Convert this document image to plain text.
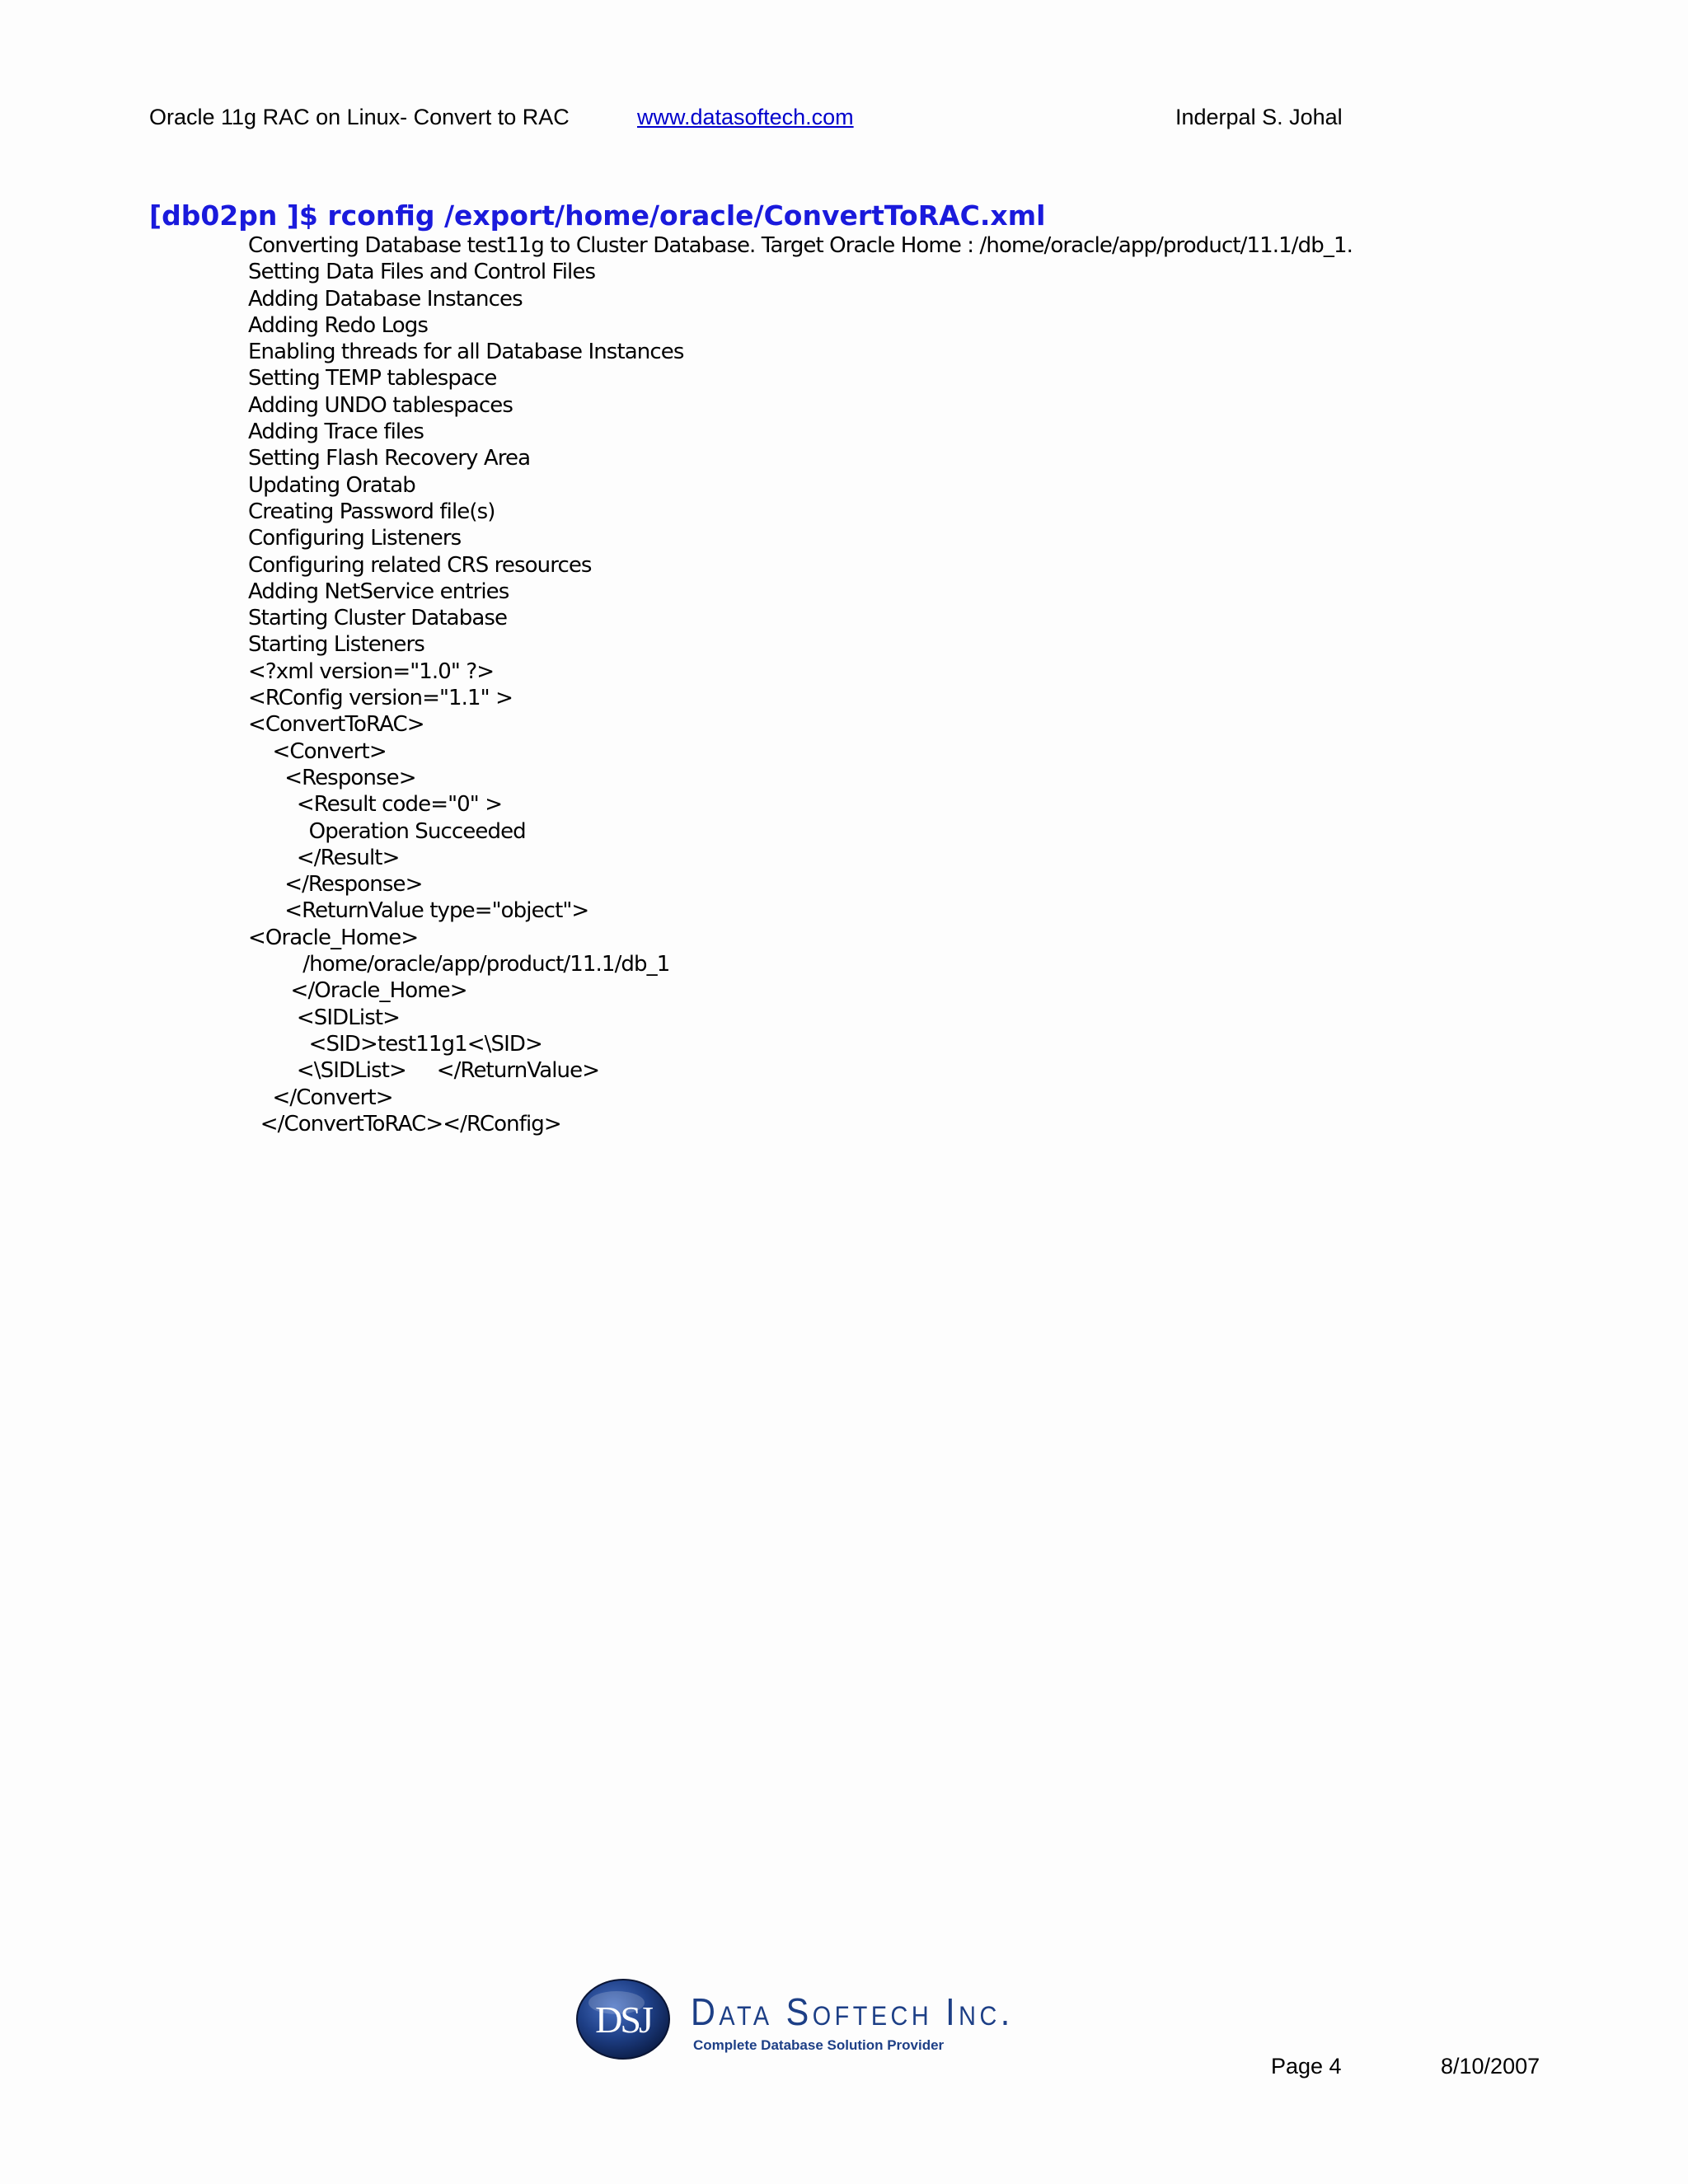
Oracle 11g RAC on Linux- Convert to RAC	www.datasoftech.com	Inderpal S. Johal
[db02pn ]$ rconfig /export/home/oracle/ConvertToRAC.xml
Converting Database test11g to Cluster Database. Target Oracle Home : /home/oracle/app/product/11.1/db_1.
Setting Data Files and Control Files
Adding Database Instances
Adding Redo Logs
Enabling threads for all Database Instances
Setting TEMP tablespace
Adding UNDO tablespaces
Adding Trace files
Setting Flash Recovery Area
Updating Oratab
Creating Password file(s)
Configuring Listeners
Configuring related CRS resources
Adding NetService entries
Starting Cluster Database
Starting Listeners
<?xml version="1.0" ?>
<RConfig version="1.1" >
<ConvertToRAC>
<Convert>
<Response>
<Result code="0" >
Operation Succeeded
</Result>
</Response>
<ReturnValue type="object">
<Oracle_Home>
/home/oracle/app/product/11.1/db_1
</Oracle_Home>
<SIDList>
<SID>test11g1<\SID>
<\SIDList>     </ReturnValue>
</Convert>
</ConvertToRAC></RConfig>
DSJ Data Softech Inc.
Complete Database Solution Provider
Page 4	8/10/2007
